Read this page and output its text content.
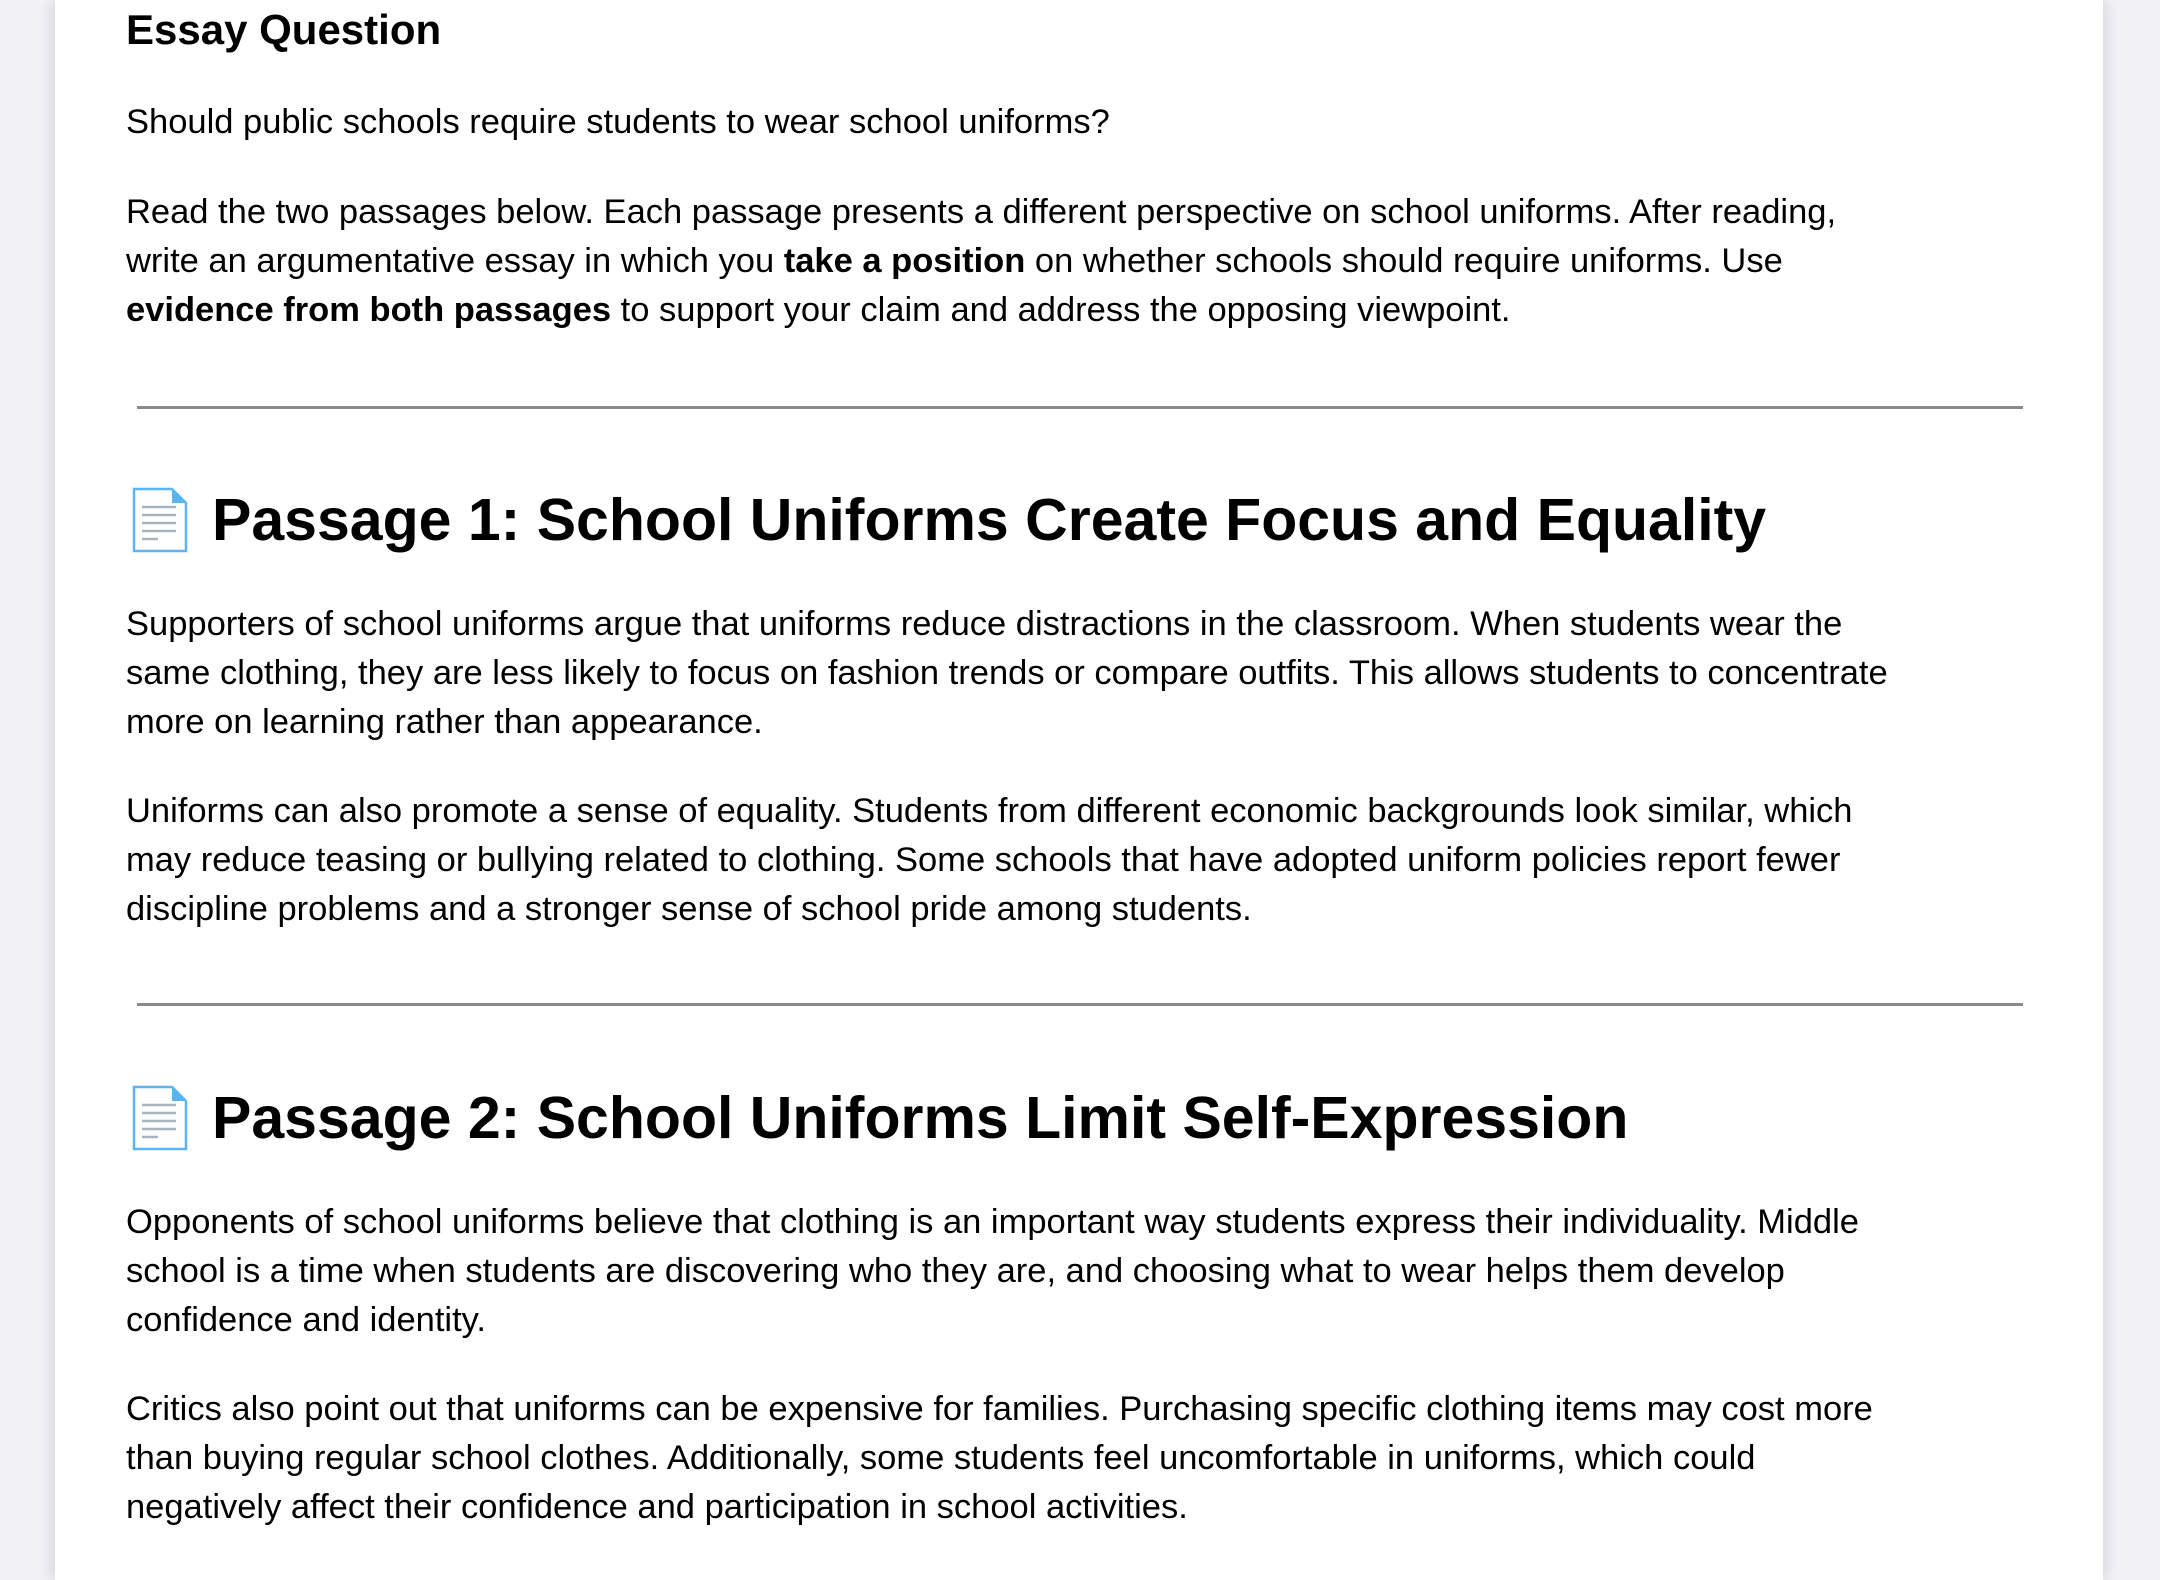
Essay Question

Should public schools require students to wear school uniforms?

Read the two passages below. Each passage presents a different perspective on school uniforms. After reading,
write an argumentative essay in which you take a position on whether schools should require uniforms. Use
evidence from both passages to support your claim and address the opposing viewpoint.

Passage 1: School Uniforms Create Focus and Equality

Supporters of school uniforms argue that uniforms reduce distractions in the classroom. When students wear the
same clothing, they are less likely to focus on fashion trends or compare outfits. This allows students to concentrate
more on learning rather than appearance.

Uniforms can also promote a sense of equality. Students from different economic backgrounds look similar, which
may reduce teasing or bullying related to clothing. Some schools that have adopted uniform policies report fewer
discipline problems and a stronger sense of school pride among students.

Passage 2: School Uniforms Limit Self-Expression

Opponents of school uniforms believe that clothing is an important way students express their individuality. Middle
school is a time when students are discovering who they are, and choosing what to wear helps them develop
confidence and identity.

Critics also point out that uniforms can be expensive for families. Purchasing specific clothing items may cost more
than buying regular school clothes. Additionally, some students feel uncomfortable in uniforms, which could
negatively affect their confidence and participation in school activities.
